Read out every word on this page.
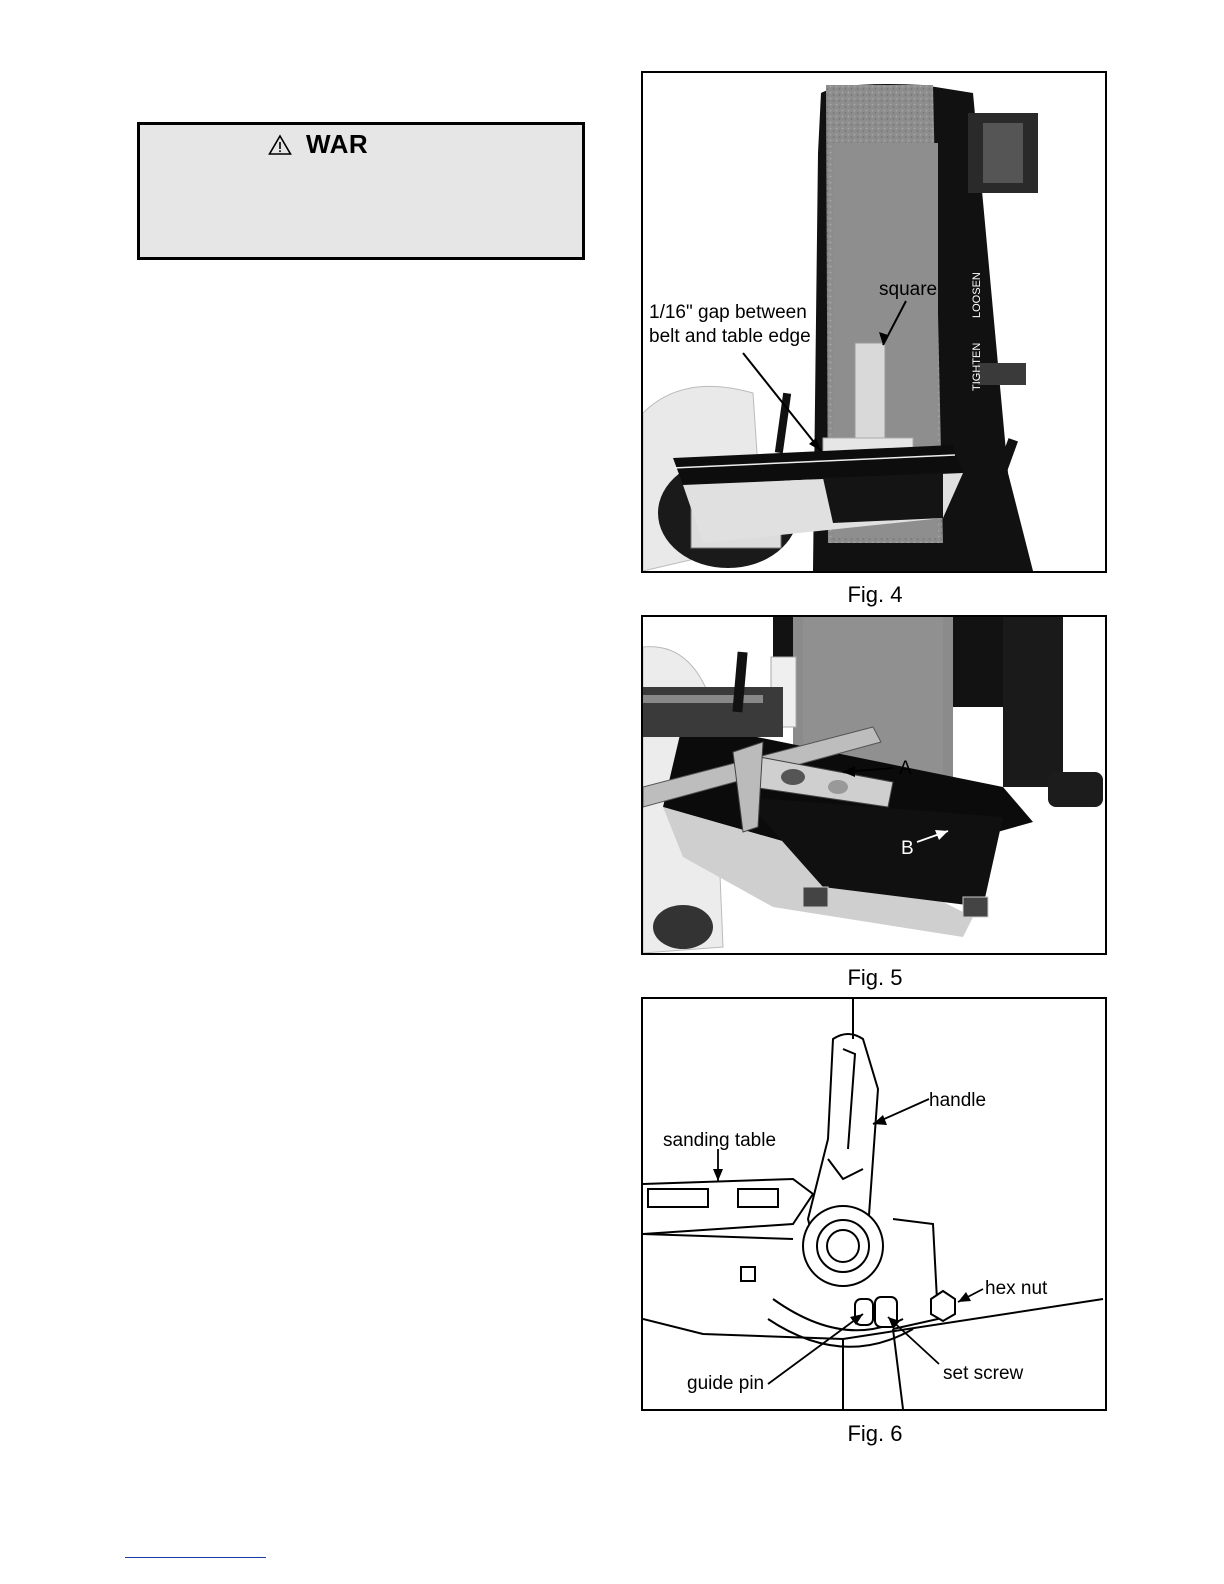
WAR
LOOSEN
TIGHTEN
1/16" gap between
belt and table edge
square
Fig. 4
A
B
Fig. 5
handle
sanding table
hex nut
guide pin	set screw
Fig. 6
